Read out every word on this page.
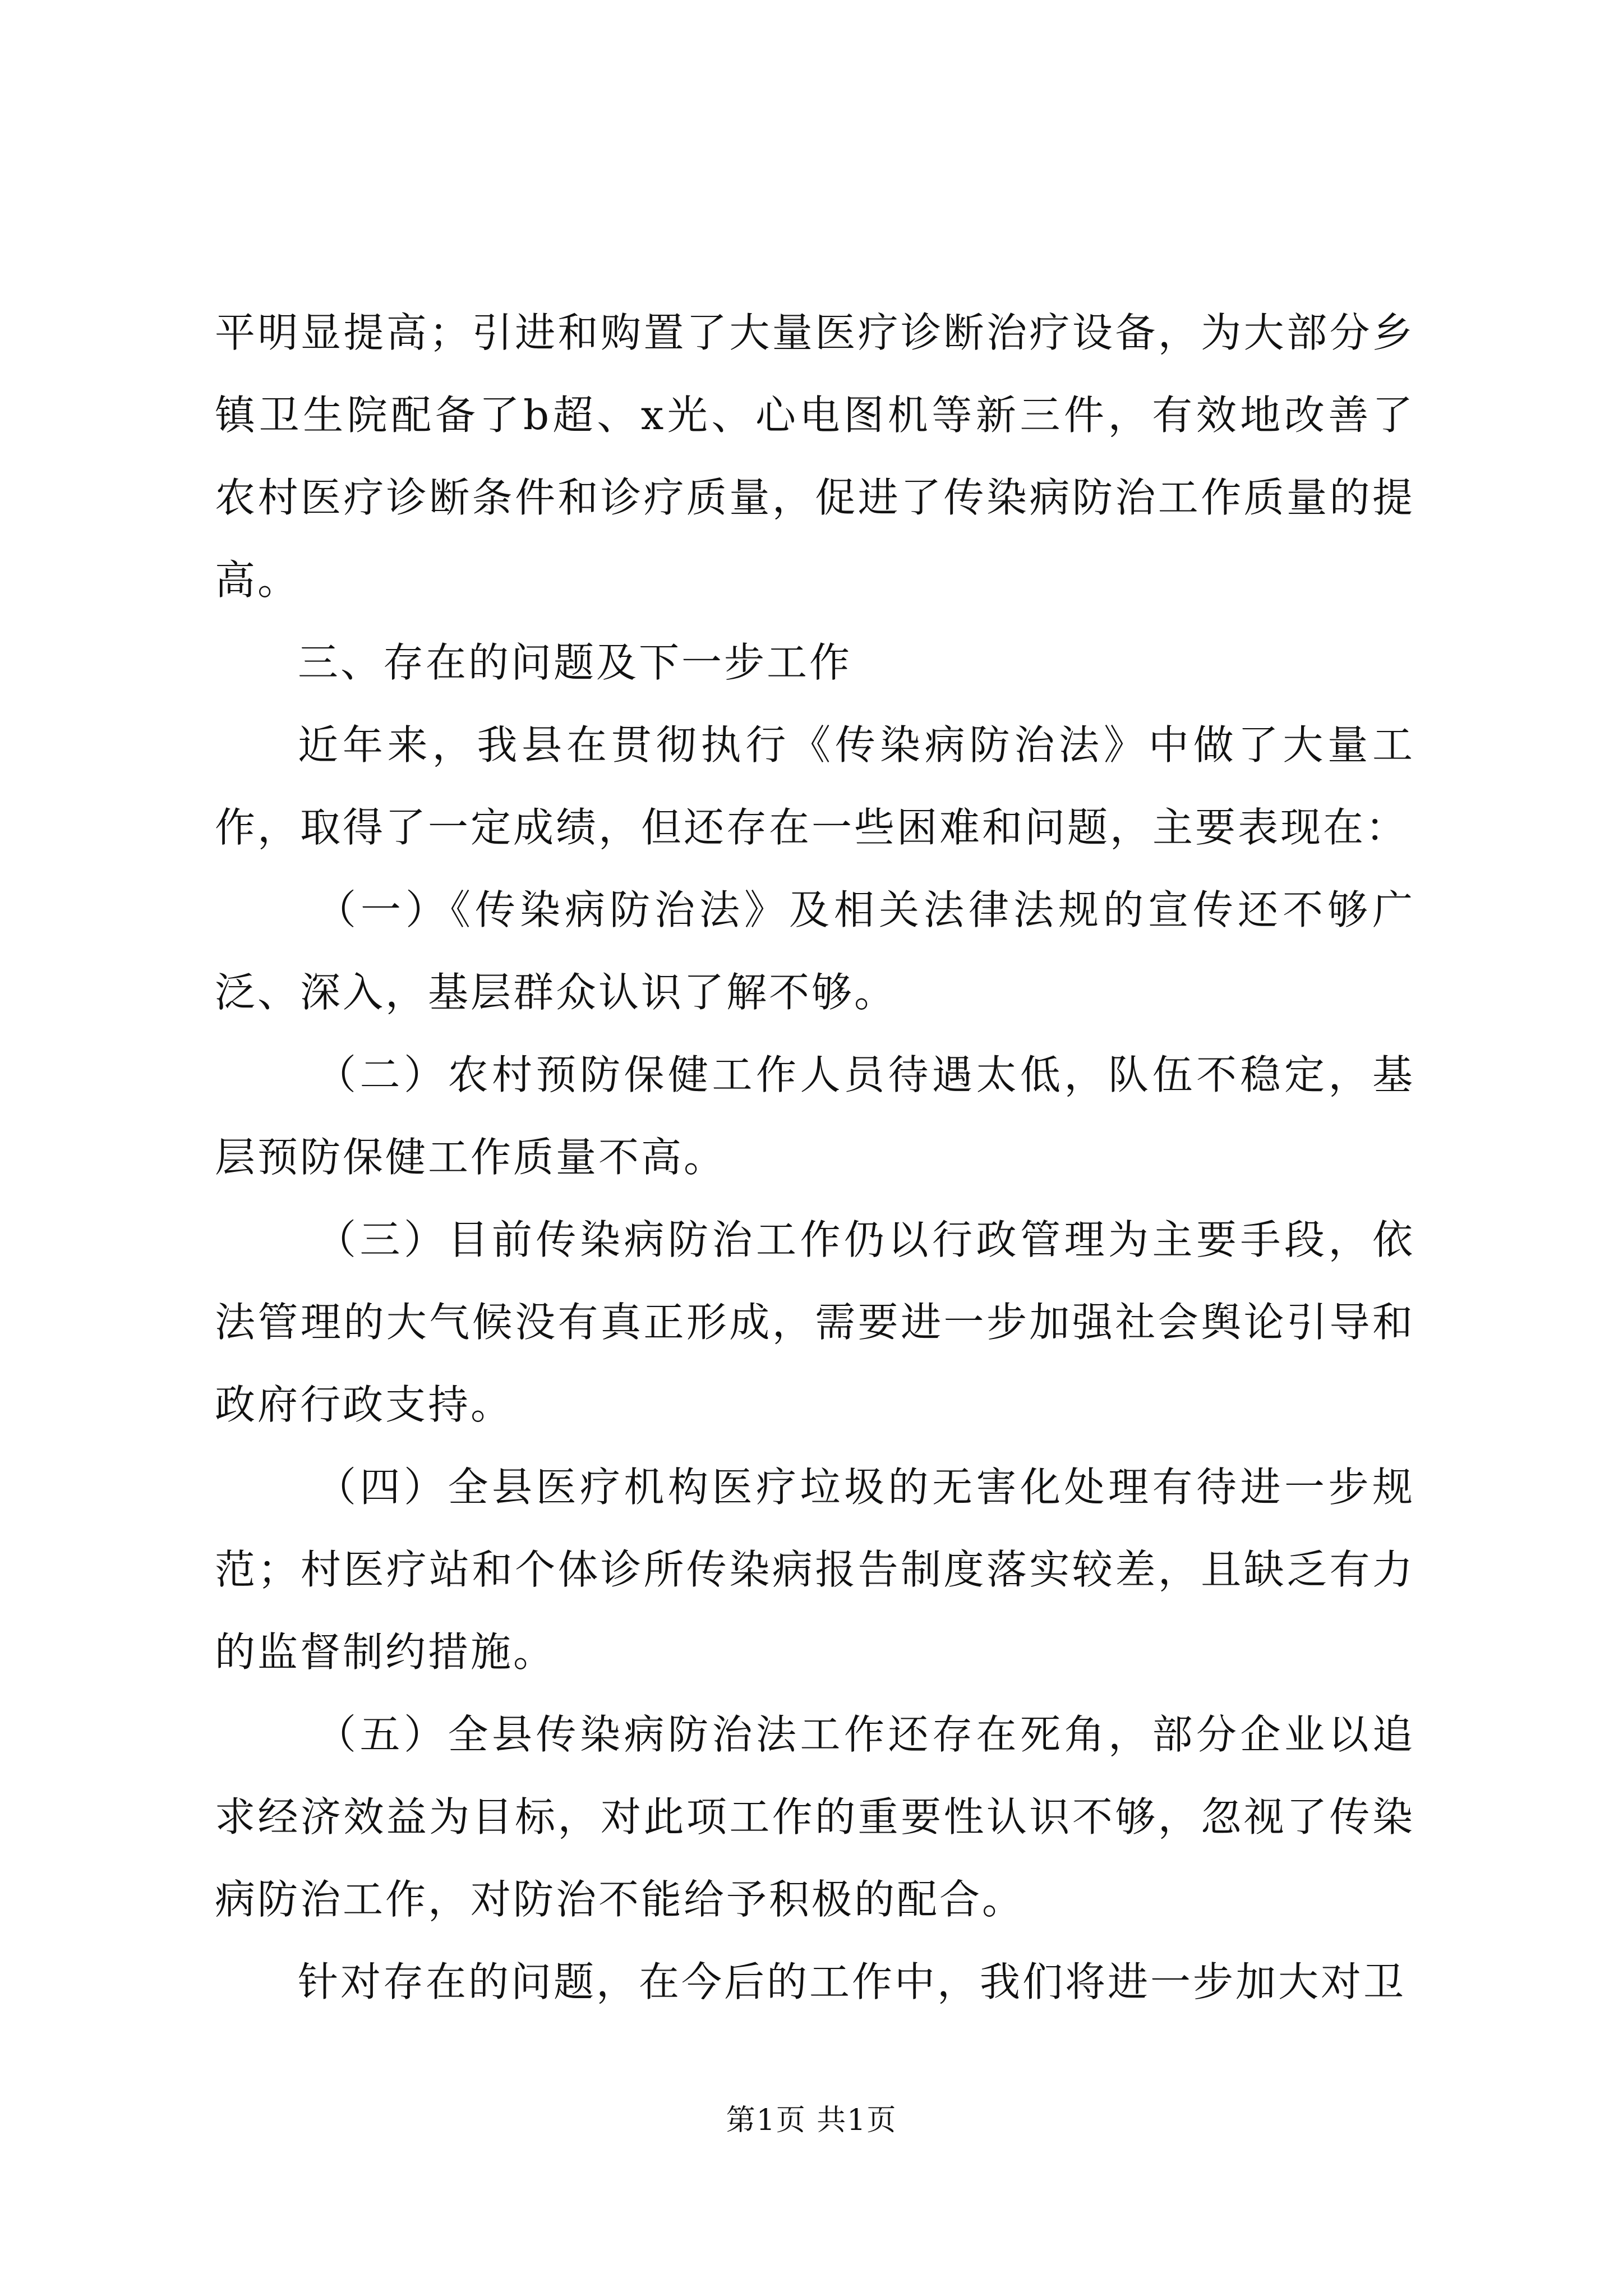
平明显提高；引进和购置了大量医疗诊断治疗设备，为大部分乡镇卫生院配备了b超、x光、心电图机等新三件，有效地改善了农村医疗诊断条件和诊疗质量，促进了传染病防治工作质量的提高。

三、存在的问题及下一步工作

近年来，我县在贯彻执行《传染病防治法》中做了大量工作，取得了一定成绩，但还存在一些困难和问题，主要表现在：

（一）《传染病防治法》及相关法律法规的宣传还不够广泛、深入，基层群众认识了解不够。

（二）农村预防保健工作人员待遇太低，队伍不稳定，基层预防保健工作质量不高。

（三）目前传染病防治工作仍以行政管理为主要手段，依法管理的大气候没有真正形成，需要进一步加强社会舆论引导和政府行政支持。

（四）全县医疗机构医疗垃圾的无害化处理有待进一步规范；村医疗站和个体诊所传染病报告制度落实较差，且缺乏有力的监督制约措施。

（五）全县传染病防治法工作还存在死角，部分企业以追求经济效益为目标，对此项工作的重要性认识不够，忽视了传染病防治工作，对防治不能给予积极的配合。

针对存在的问题，在今后的工作中，我们将进一步加大对卫

第1页 共1页
